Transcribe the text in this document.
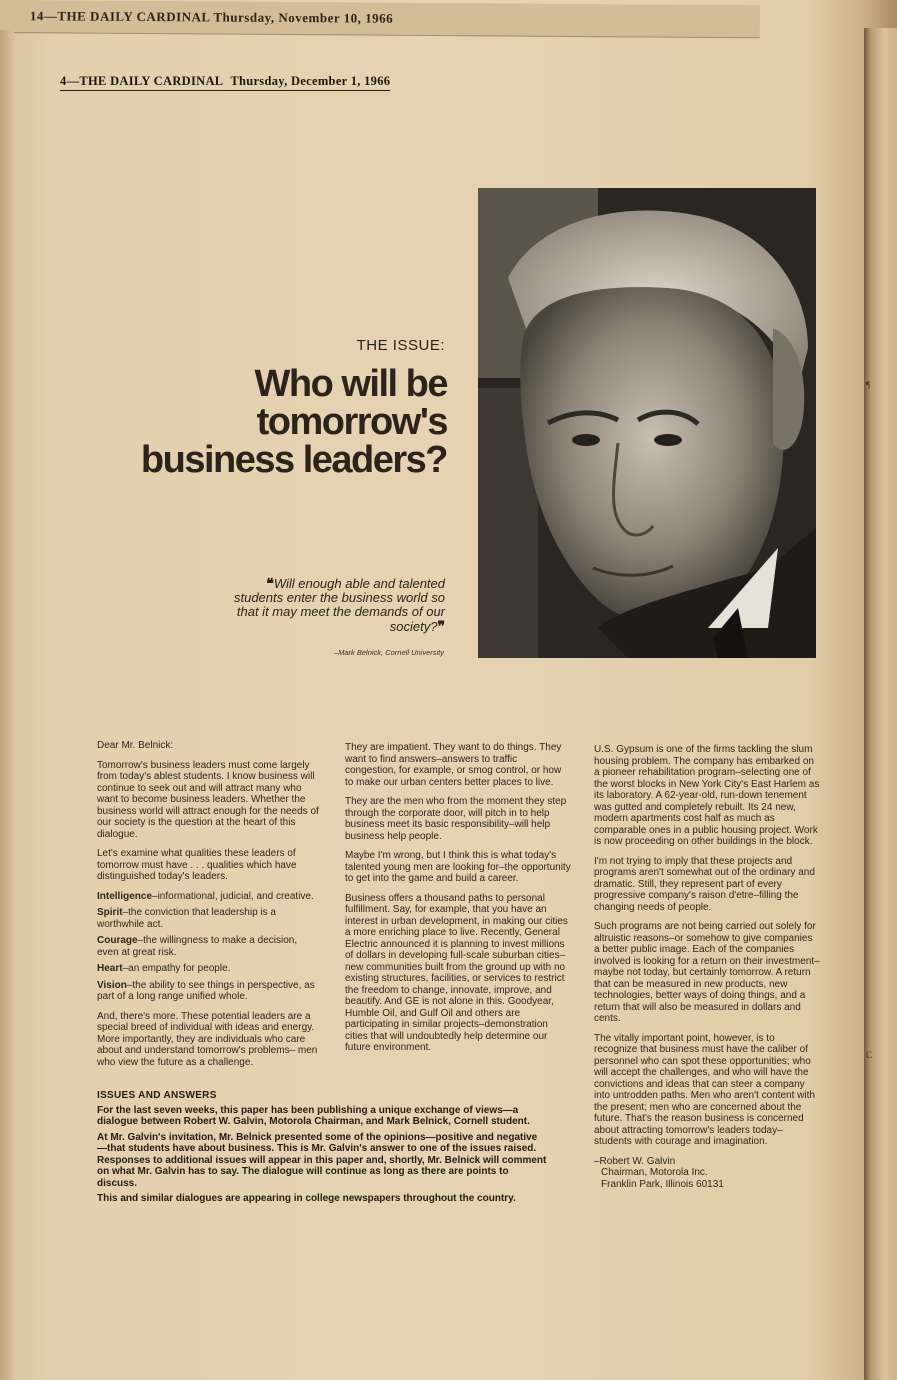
14—THE DAILY CARDINAL Thursday, November 10, 1966
4—THE DAILY CARDINAL Thursday, December 1, 1966
THE ISSUE:
Who will be
tomorrow's
business leaders?
❝Will enough able and talented students enter the business world so that it may meet the demands of our society?❞
–Mark Belnick, Cornell University

Dear Mr. Belnick:

Tomorrow's business leaders must come largely from today's ablest students. I know business will continue to seek out and will attract many who want to become business leaders. Whether the business world will attract enough for the needs of our society is the question at the heart of this dialogue.

Let's examine what qualities these leaders of tomorrow must have . . . qualities which have distinguished today's leaders.

Intelligence–informational, judicial, and creative.

Spirit–the conviction that leadership is a worthwhile act.

Courage–the willingness to make a decision, even at great risk.

Heart–an empathy for people.

Vision–the ability to see things in perspective, as part of a long range unified whole.

And, there's more. These potential leaders are a special breed of individual with ideas and energy. More importantly, they are individuals who care about and understand tomorrow's problems– men who view the future as a challenge.

They are impatient. They want to do things. They want to find answers–answers to traffic congestion, for example, or smog control, or how to make our urban centers better places to live.

They are the men who from the moment they step through the corporate door, will pitch in to help business meet its basic responsibility–will help business help people.

Maybe I'm wrong, but I think this is what today's talented young men are looking for–the opportunity to get into the game and build a career.

Business offers a thousand paths to personal fulfillment. Say, for example, that you have an interest in urban development, in making our cities a more enriching place to live. Recently, General Electric announced it is planning to invest millions of dollars in developing full-scale suburban cities–new communities built from the ground up with no existing structures, facilities, or services to restrict the freedom to change, innovate, improve, and beautify. And GE is not alone in this. Goodyear, Humble Oil, and Gulf Oil and others are participating in similar projects–demonstration cities that will undoubtedly help determine our future environment.

U.S. Gypsum is one of the firms tackling the slum housing problem. The company has embarked on a pioneer rehabilitation program–selecting one of the worst blocks in New York City's East Harlem as its laboratory. A 62-year-old, run-down tenement was gutted and completely rebuilt. Its 24 new, modern apartments cost half as much as comparable ones in a public housing project. Work is now proceeding on other buildings in the block.

I'm not trying to imply that these projects and programs aren't somewhat out of the ordinary and dramatic. Still, they represent part of every progressive company's raison d'etre–filling the changing needs of people.

Such programs are not being carried out solely for altruistic reasons–or somehow to give companies a better public image. Each of the companies involved is looking for a return on their investment–maybe not today, but certainly tomorrow. A return that can be measured in new products, new technologies, better ways of doing things, and a return that will also be measured in dollars and cents.

The vitally important point, however, is to recognize that business must have the caliber of personnel who can spot these opportunities; who will accept the challenges, and who will have the convictions and ideas that can steer a company into untrodden paths. Men who aren't content with the present; men who are concerned about the future. That's the reason business is concerned about attracting tomorrow's leaders today–students with courage and imagination.

–Robert W. Galvin
Chairman, Motorola Inc.
Franklin Park, Illinois 60131
ISSUES AND ANSWERS

For the last seven weeks, this paper has been publishing a unique exchange of views—a dialogue between Robert W. Galvin, Motorola Chairman, and Mark Belnick, Cornell student.

At Mr. Galvin's invitation, Mr. Belnick presented some of the opinions—positive and negative—that students have about business. This is Mr. Galvin's answer to one of the issues raised. Responses to additional issues will appear in this paper and, shortly, Mr. Belnick will comment on what Mr. Galvin has to say. The dialogue will continue as long as there are points to discuss.

This and similar dialogues are appearing in college newspapers throughout the country.

¶
C
